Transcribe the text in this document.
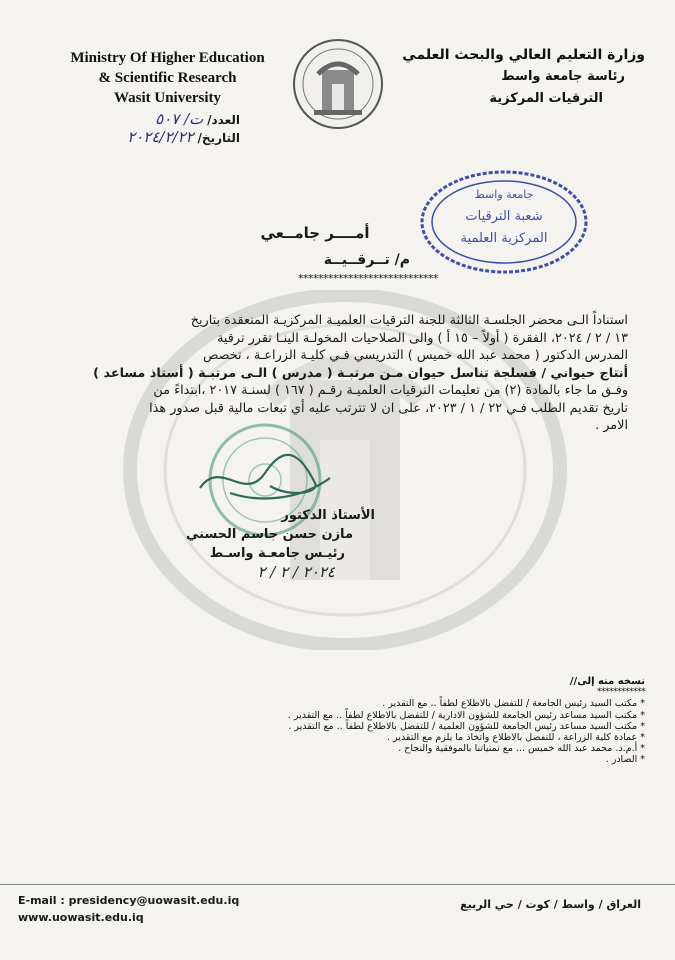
Ministry Of Higher Education
& Scientific Research
Wasit University
وزارة التعليم العالي والبحث العلمي
رئاسة جامعة واسط
الترقيات المركزية
العدد/ ت/ ٥٠٧
التاريخ/ ٢٠٢٤/٢/٢٢
جامعة واسط
شعبة الترقيات
المركزية العلمية
أمــــر جامــعي
م/ تــرقــيــة
****************************

استناداً الـى محضر الجلسـة الثالثة للجنة الترقيات العلميـة المركزيـة المنعقدة بتاريخ

١٣ / ٢ / ٢٠٢٤، الفقرة ( أولاً – ١٥ أ ) والى الصلاحيات المخولـة الينـا تقرر ترقية

المدرس الدكتور ( محمد عبد الله خميس ) التدريسي فـي كليـة الزراعـة ، تخصص

أنتاج حيواني / فسلجة تناسل حيوان مـن مرتبـة ( مدرس ) الـى مرتبـة ( أستاذ مساعد )

وفـق ما جاء بالمادة (٢) من تعليمات الترقيات العلميـة رقـم ( ١٦٧ ) لسنـة ٢٠١٧ ،ابتداءً من

تاريخ تقديم الطلب فـي ٢٢ / ١ / ٢٠٢٣، على ان لا تترتب عليه أي تبعات مالية قبل صدور هذا

الامر .

الأستاذ الدكتور
مازن حسن جاسم الحسني
رئيـس جامعـة واسـط
٢٠٢٤ / ٢ / ٢

نسخه منه إلى//

************

* مكتب السيد رئيس الجامعة / للتفضل بالاطلاع لطفاً .. مع التقدير .

* مكتب السيد مساعد رئيس الجامعة للشؤون الادارية / للتفضل بالاطلاع لطفاً .. مع التقدير .

* مكتب السيد مساعد رئيس الجامعة للشؤون العلمية / للتفضل بالاطلاع لطفاً .. مع التقدير .

* عمادة كلية الزراعة ، للتفضل بالاطلاع واتخاذ ما يلزم مع التقدير .

* أ.م.د. محمد عبد الله خميس ... مع تمنياتنا بالموفقية والنجاح .

* الصادر .

E-mail : presidency@uowasit.edu.iq
www.uowasit.edu.iq
العراق / واسط / كوت / حي الربيع
